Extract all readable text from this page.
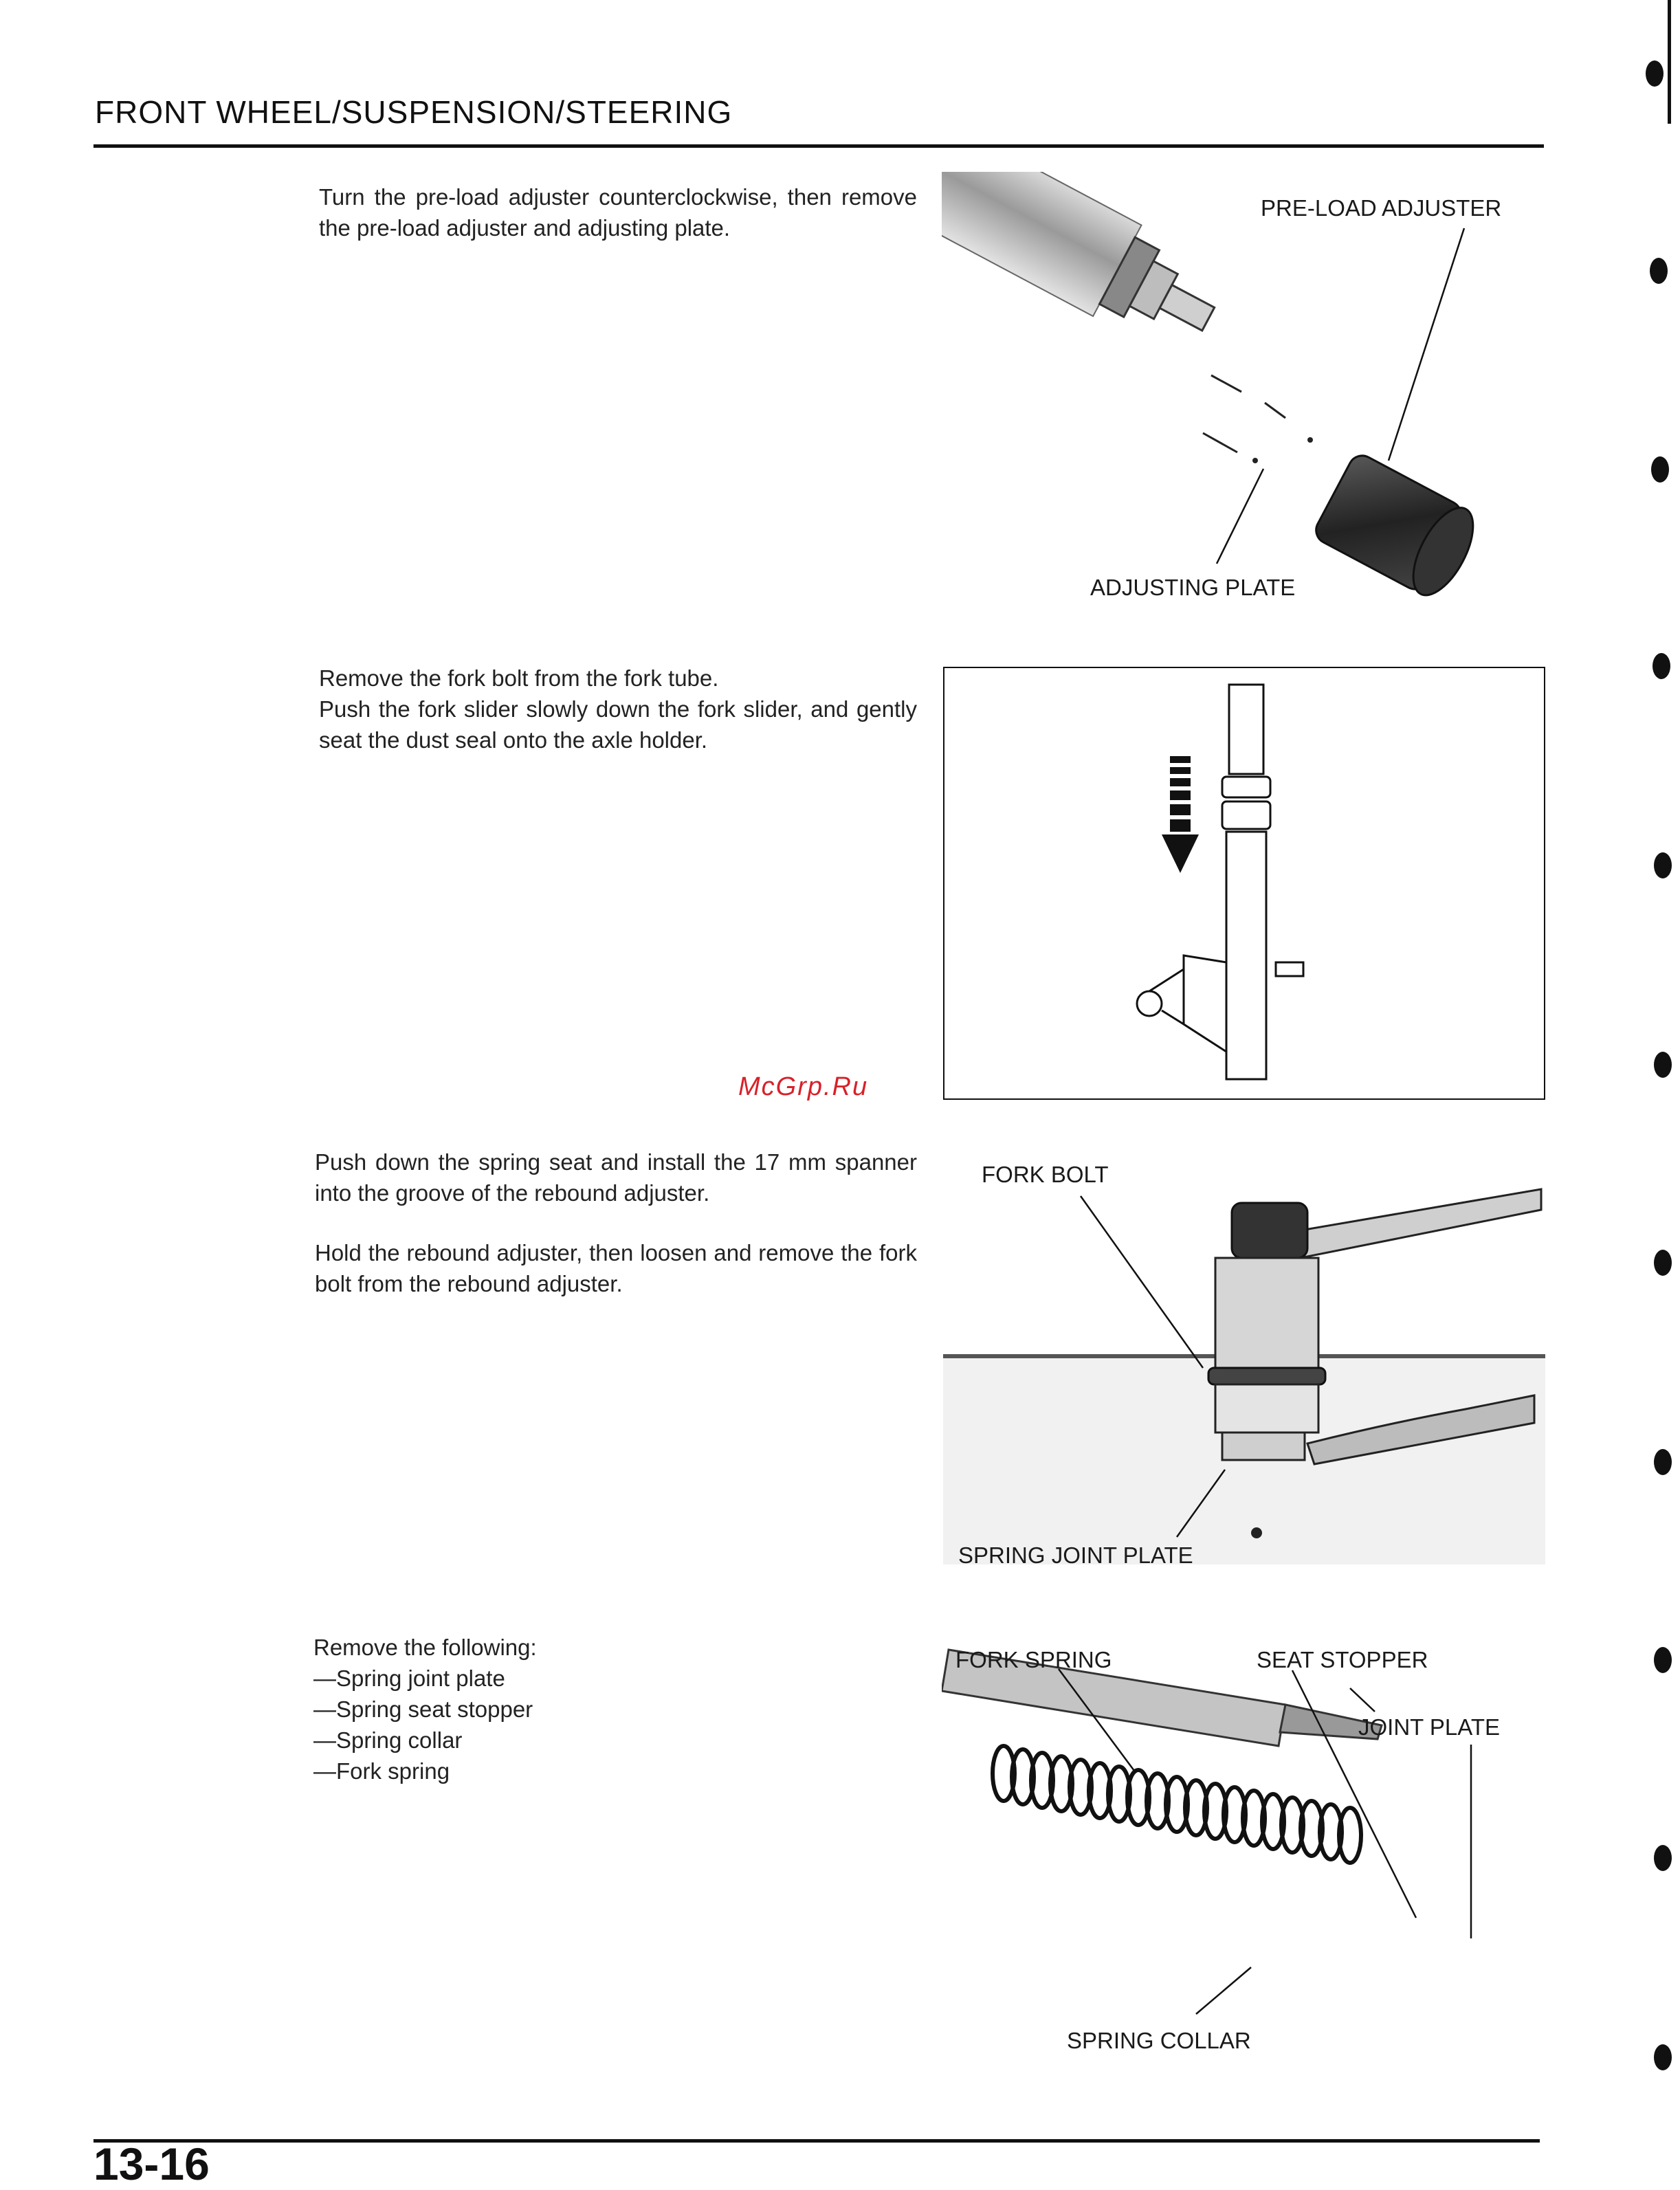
FRONT WHEEL/SUSPENSION/STEERING

Turn the pre-load adjuster counterclockwise, then remove the pre-load adjuster and adjusting plate.

PRE-LOAD ADJUSTER
ADJUSTING PLATE

Remove the fork bolt from the fork tube.

Push the fork slider slowly down the fork slider, and gently seat the dust seal onto the axle holder.

McGrp.Ru

Push down the spring seat and install the 17 mm spanner into the groove of the rebound adjuster.

Hold the rebound adjuster, then loosen and remove the fork bolt from the rebound adjuster.

FORK BOLT
SPRING JOINT PLATE

Remove the following:

—Spring joint plate

—Spring seat stopper

—Spring collar

—Fork spring

FORK SPRING	SEAT STOPPER
JOINT PLATE
SPRING COLLAR
13-16
